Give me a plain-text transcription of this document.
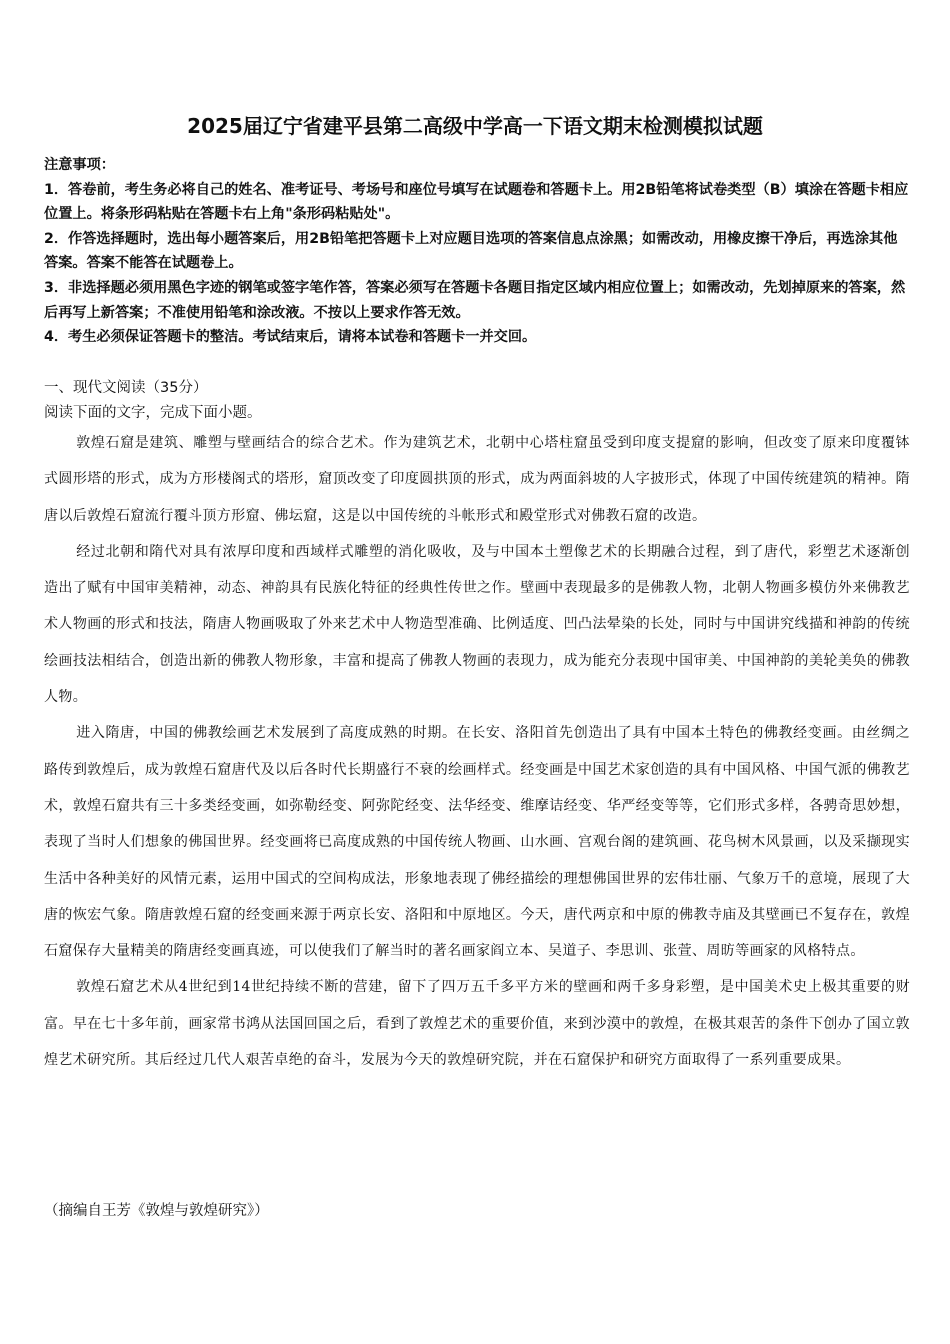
2025届辽宁省建平县第二高级中学高一下语文期末检测模拟试题
注意事项：
1．答卷前，考生务必将自己的姓名、准考证号、考场号和座位号填写在试题卷和答题卡上。用2B铅笔将试卷类型（B）填涂在答题卡相应位置上。将条形码粘贴在答题卡右上角"条形码粘贴处"。
2．作答选择题时，选出每小题答案后，用2B铅笔把答题卡上对应题目选项的答案信息点涂黑；如需改动，用橡皮擦干净后，再选涂其他答案。答案不能答在试题卷上。
3．非选择题必须用黑色字迹的钢笔或签字笔作答，答案必须写在答题卡各题目指定区域内相应位置上；如需改动，先划掉原来的答案，然后再写上新答案；不准使用铅笔和涂改液。不按以上要求作答无效。
4．考生必须保证答题卡的整洁。考试结束后，请将本试卷和答题卡一并交回。
一、现代文阅读（35分）
阅读下面的文字，完成下面小题。

敦煌石窟是建筑、雕塑与壁画结合的综合艺术。作为建筑艺术，北朝中心塔柱窟虽受到印度支提窟的影响，但改变了原来印度覆钵式圆形塔的形式，成为方形楼阁式的塔形，窟顶改变了印度圆拱顶的形式，成为两面斜坡的人字披形式，体现了中国传统建筑的精神。隋唐以后敦煌石窟流行覆斗顶方形窟、佛坛窟，这是以中国传统的斗帐形式和殿堂形式对佛教石窟的改造。

经过北朝和隋代对具有浓厚印度和西域样式雕塑的消化吸收，及与中国本土塑像艺术的长期融合过程，到了唐代，彩塑艺术逐渐创造出了赋有中国审美精神，动态、神韵具有民族化特征的经典性传世之作。壁画中表现最多的是佛教人物，北朝人物画多模仿外来佛教艺术人物画的形式和技法，隋唐人物画吸取了外来艺术中人物造型准确、比例适度、凹凸法晕染的长处，同时与中国讲究线描和神韵的传统绘画技法相结合，创造出新的佛教人物形象，丰富和提高了佛教人物画的表现力，成为能充分表现中国审美、中国神韵的美轮美奂的佛教人物。

进入隋唐，中国的佛教绘画艺术发展到了高度成熟的时期。在长安、洛阳首先创造出了具有中国本土特色的佛教经变画。由丝绸之路传到敦煌后，成为敦煌石窟唐代及以后各时代长期盛行不衰的绘画样式。经变画是中国艺术家创造的具有中国风格、中国气派的佛教艺术，敦煌石窟共有三十多类经变画，如弥勒经变、阿弥陀经变、法华经变、维摩诘经变、华严经变等等，它们形式多样，各骋奇思妙想，表现了当时人们想象的佛国世界。经变画将已高度成熟的中国传统人物画、山水画、宫观台阁的建筑画、花鸟树木风景画，以及采撷现实生活中各种美好的风情元素，运用中国式的空间构成法，形象地表现了佛经描绘的理想佛国世界的宏伟壮丽、气象万千的意境，展现了大唐的恢宏气象。隋唐敦煌石窟的经变画来源于两京长安、洛阳和中原地区。今天，唐代两京和中原的佛教寺庙及其壁画已不复存在，敦煌石窟保存大量精美的隋唐经变画真迹，可以使我们了解当时的著名画家阎立本、吴道子、李思训、张萱、周昉等画家的风格特点。

敦煌石窟艺术从4世纪到14世纪持续不断的营建，留下了四万五千多平方米的壁画和两千多身彩塑，是中国美术史上极其重要的财富。早在七十多年前，画家常书鸿从法国回国之后，看到了敦煌艺术的重要价值，来到沙漠中的敦煌，在极其艰苦的条件下创办了国立敦煌艺术研究所。其后经过几代人艰苦卓绝的奋斗，发展为今天的敦煌研究院，并在石窟保护和研究方面取得了一系列重要成果。

（摘编自王芳《敦煌与敦煌研究》）
